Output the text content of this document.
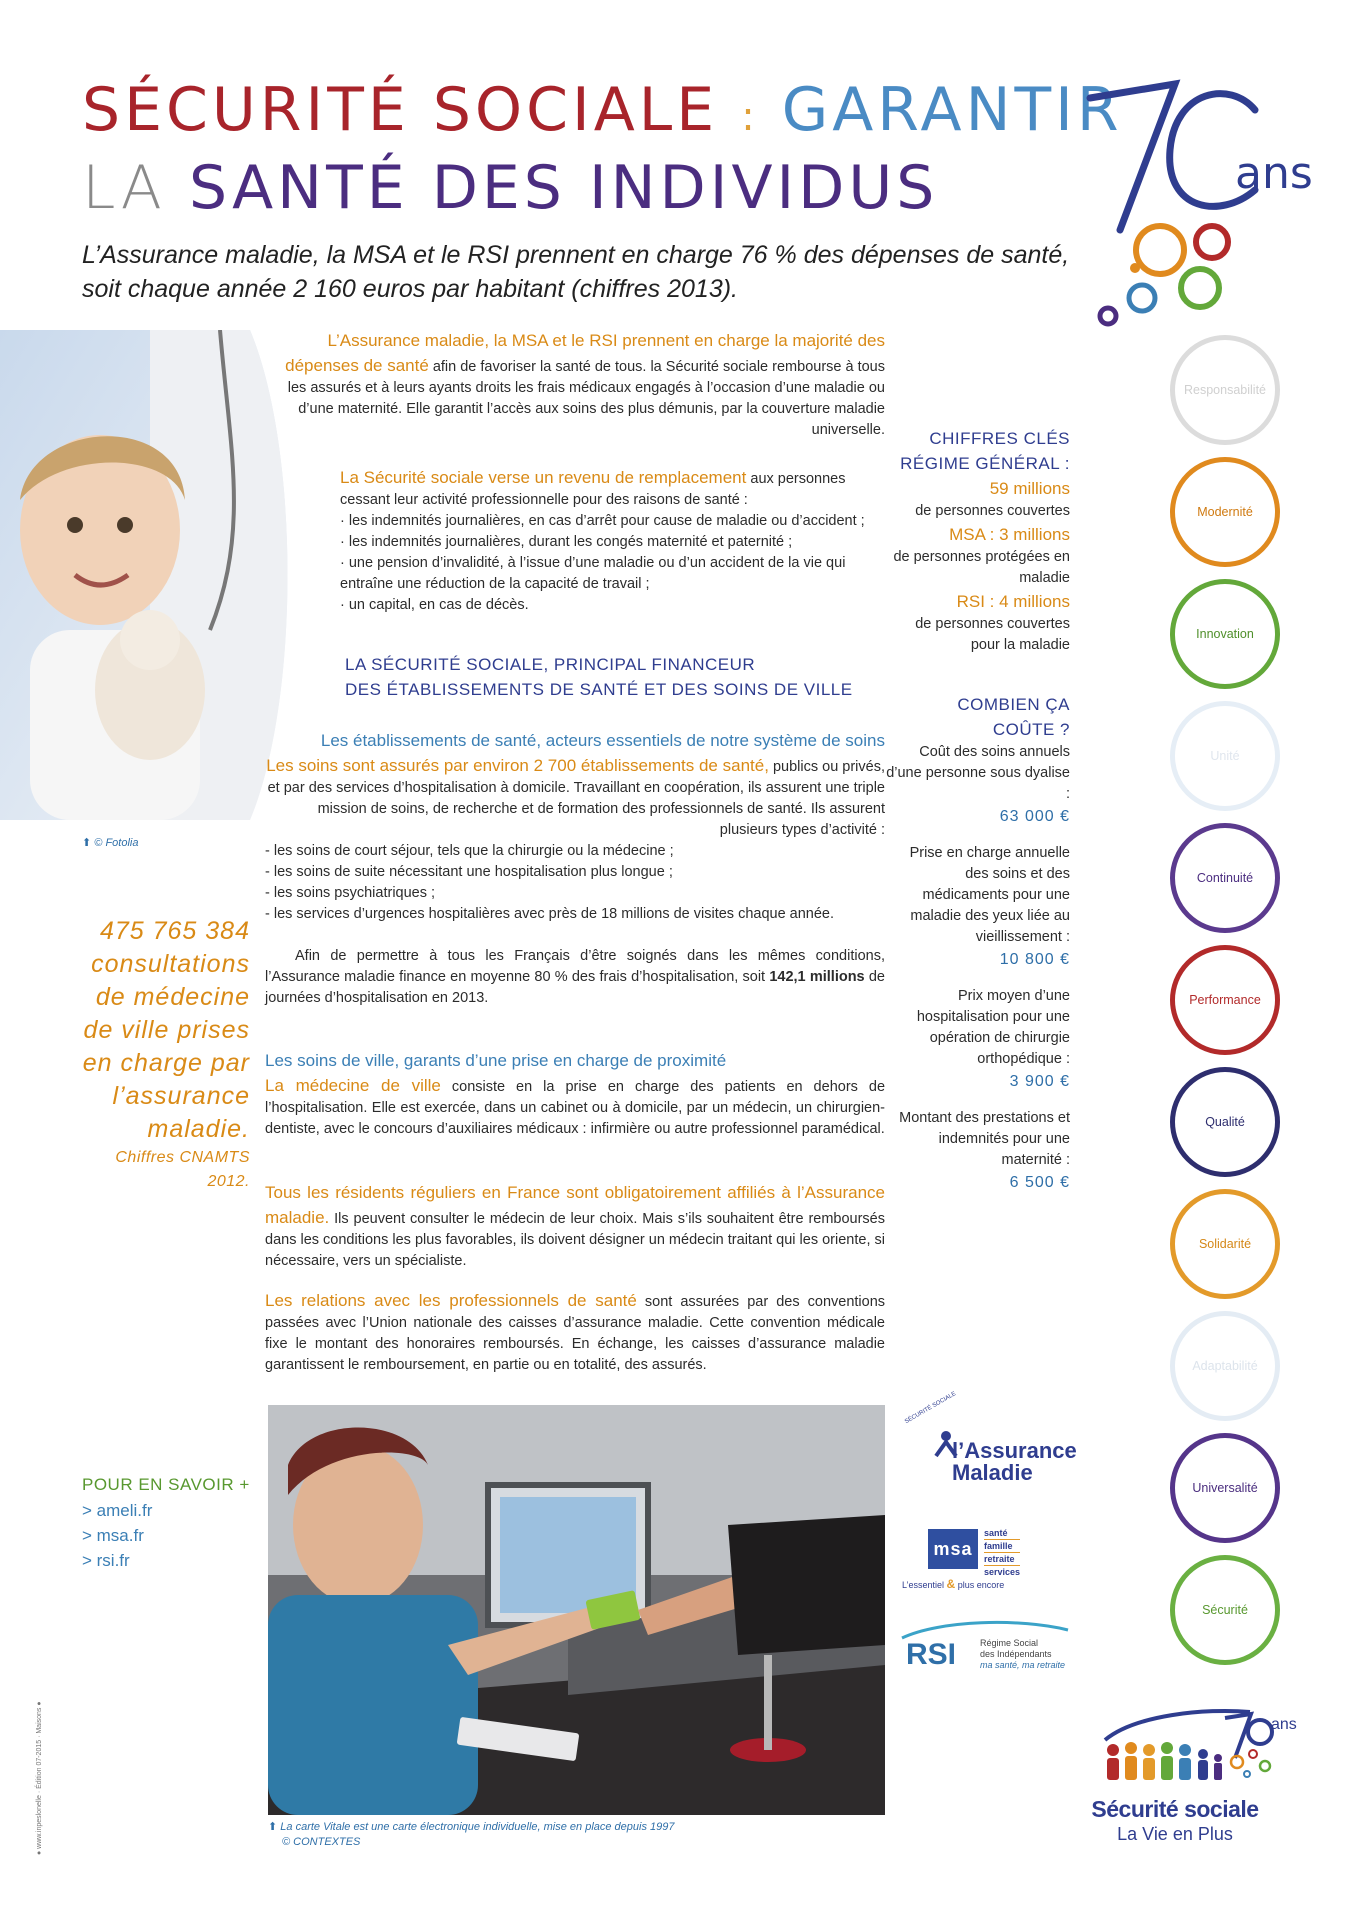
SÉCURITÉ SOCIALE : GARANTIR
LA SANTÉ DES INDIVIDUS	ans
L’Assurance maladie, la MSA et le RSI prennent en charge 76 % des dépenses de santé, soit chaque année 2 160 euros par habitant (chiffres 2013).
⬆ © Fotolia

L’Assurance maladie, la MSA et le RSI prennent en charge la majorité des dépenses de santé afin de favoriser la santé de tous. la Sécurité sociale rembourse à tous les assurés et à leurs ayants droits les frais médicaux engagés à l’occasion d’une maladie ou d’une maternité. Elle garantit l’accès aux soins des plus démunis, par la couverture maladie universelle.

La Sécurité sociale verse un revenu de remplacement aux personnes cessant leur activité professionnelle pour des raisons de santé :

· les indemnités journalières, en cas d’arrêt pour cause de maladie ou d’accident ;

· les indemnités journalières, durant les congés maternité et paternité ;

· une pension d’invalidité, à l’issue d’une maladie ou d’un accident de la vie qui entraîne une réduction de la capacité de travail ;

· un capital, en cas de décès.

LA SÉCURITÉ SOCIALE, PRINCIPAL FINANCEUR
DES ÉTABLISSEMENTS DE SANTÉ ET DES SOINS DE VILLE
Les établissements de santé, acteurs essentiels de notre système de soins

Les soins sont assurés par environ 2 700 établissements de santé, publics ou privés, et par des services d’hospitalisation à domicile. Travaillant en coopération, ils assurent une triple mission de soins, de recherche et de formation des professionnels de santé. Ils assurent plusieurs types d’activité :

- les soins de court séjour, tels que la chirurgie ou la médecine ;

- les soins de suite nécessitant une hospitalisation plus longue ;

- les soins psychiatriques ;

- les services d’urgences hospitalières avec près de 18 millions de visites chaque année.

Afin de permettre à tous les Français d’être soignés dans les mêmes conditions, l’Assurance maladie finance en moyenne 80 % des frais d’hospitalisation, soit 142,1 millions de journées d’hospitalisation en 2013.

Les soins de ville, garants d’une prise en charge de proximité

La médecine de ville consiste en la prise en charge des patients en dehors de l’hospitalisation. Elle est exercée, dans un cabinet ou à domicile, par un médecin, un chirurgien-dentiste, avec le concours d’auxiliaires médicaux : infirmière ou autre professionnel paramédical.

Tous les résidents réguliers en France sont obligatoirement affiliés à l’Assurance maladie. Ils peuvent consulter le médecin de leur choix. Mais s’ils souhaitent être remboursés dans les conditions les plus favorables, ils doivent désigner un médecin traitant qui les oriente, si nécessaire, vers un spécialiste.

Les relations avec les professionnels de santé sont assurées par des conventions passées avec l’Union nationale des caisses d’assurance maladie. Cette convention médicale fixe le montant des honoraires remboursés. En échange, les caisses d’assurance maladie garantissent le remboursement, en partie ou en totalité, des assurés.

CHIFFRES CLÉS
RÉGIME GÉNÉRAL :
59 millions
de personnes couvertes
MSA : 3 millions
de personnes protégées en maladie
RSI : 4 millions
de personnes couvertes pour la maladie
COMBIEN ÇA
COÛTE ?
Coût des soins annuels d’une personne sous dyalise :
63 000 €
Prise en charge annuelle des soins et des médicaments pour une maladie des yeux liée au vieillissement :
10 800 €
Prix moyen d’une hospitalisation pour une opération de chirurgie orthopédique :
3 900 €
Montant des prestations et indemnités pour une maternité :
6 500 €
475 765 384
consultations
de médecine
de ville prises
en charge par
l’assurance
maladie.
Chiffres CNAMTS
2012.
POUR EN SAVOIR +
> ameli.fr
> msa.fr
> rsi.fr
● www.inpeslonelle · Édition 07-2015 · Maisons ●	⬆ La carte Vitale est une carte électronique individuelle, mise en place depuis 1997
© CONTEXTES
SÉCURITÉ SOCIALE
l’Assurance
Maladie
msa
santé
famille
retraite
services
L’essentiel & plus encore
RSI	Régime Social
des Indépendants
ma santé, ma retraite
ans
Sécurité sociale
La Vie en Plus
Responsabilité
Modernité
Innovation
Unité
Continuité
Performance
Qualité
Solidarité
Adaptabilité
Universalité
Sécurité
